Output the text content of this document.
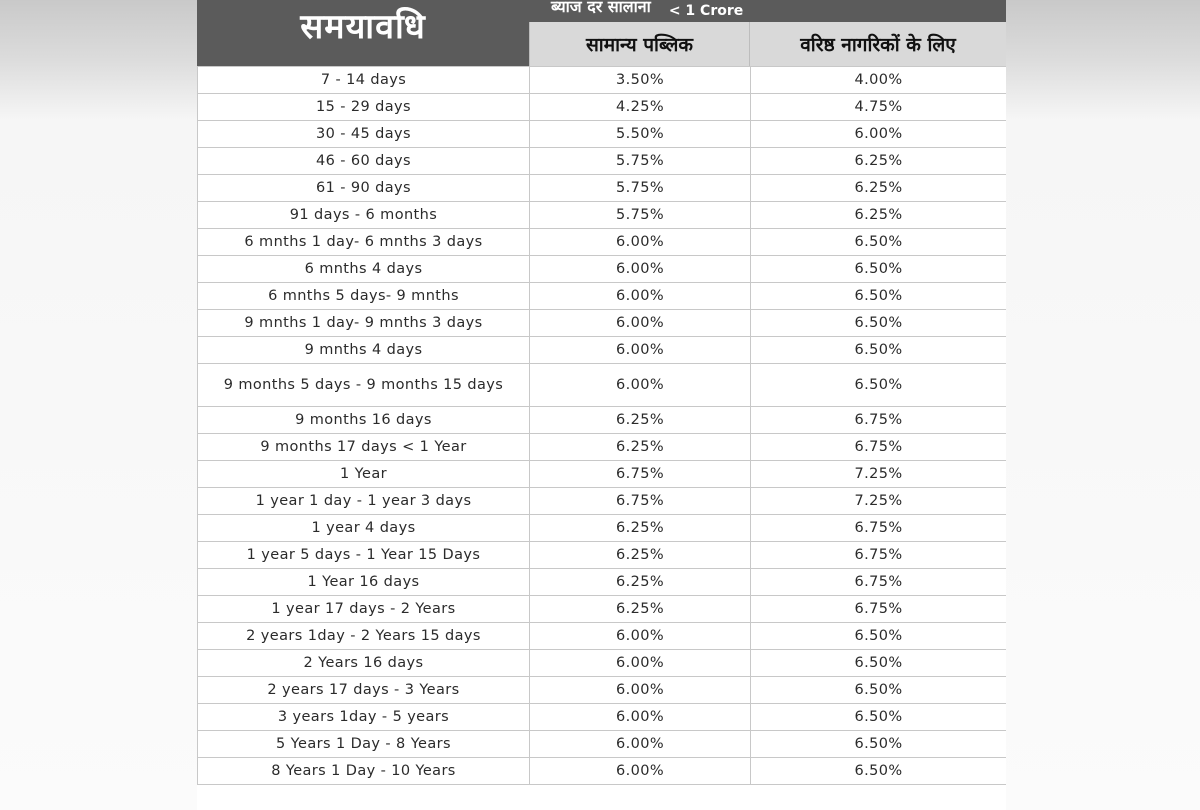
समयावधि
ब्याज दर सालाना < 1 Crore
सामान्य पब्लिक	वरिष्ठ नागरिकों के लिए
7 - 14 days	3.50%	4.00%
15 - 29 days	4.25%	4.75%
30 - 45 days	5.50%	6.00%
46 - 60 days	5.75%	6.25%
61 - 90 days	5.75%	6.25%
91 days - 6 months	5.75%	6.25%
6 mnths 1 day- 6 mnths 3 days	6.00%	6.50%
6 mnths 4 days	6.00%	6.50%
6 mnths 5 days- 9 mnths	6.00%	6.50%
9 mnths 1 day- 9 mnths 3 days	6.00%	6.50%
9 mnths 4 days	6.00%	6.50%
9 months 5 days - 9 months 15 days	6.00%	6.50%
9 months 16 days	6.25%	6.75%
9 months 17 days < 1 Year	6.25%	6.75%
1 Year	6.75%	7.25%
1 year 1 day - 1 year 3 days	6.75%	7.25%
1 year 4 days	6.25%	6.75%
1 year 5 days - 1 Year 15 Days	6.25%	6.75%
1 Year 16 days	6.25%	6.75%
1 year 17 days - 2 Years	6.25%	6.75%
2 years 1day - 2 Years 15 days	6.00%	6.50%
2 Years 16 days	6.00%	6.50%
2 years 17 days - 3 Years	6.00%	6.50%
3 years 1day - 5 years	6.00%	6.50%
5 Years 1 Day - 8 Years	6.00%	6.50%
8 Years 1 Day - 10 Years	6.00%	6.50%
